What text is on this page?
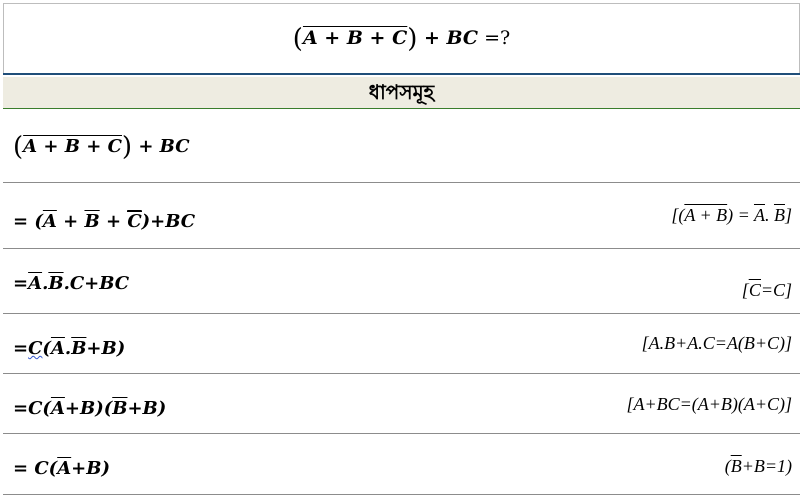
(A + B + C) + BC =?
ধাপসমূহ
(A + B + C) + BC
= $(\overline{A} + \overline{B} + C)+BC$	[$(A + B) = \overline{A}$. $\overline{B}$]
$=\overline{A}.\overline{B}.C+BC$	[C=C]
$=C(\overline{A}.\overline{B}+B)$	[A.B+A.C=A(B+C)]
$=C(\overline{A}+B)(\overline{B}+B)$	[A+BC=(A+B)(A+C)]
= $C(\overline{A}+B)$	$(\overline{B}+B=1)$
